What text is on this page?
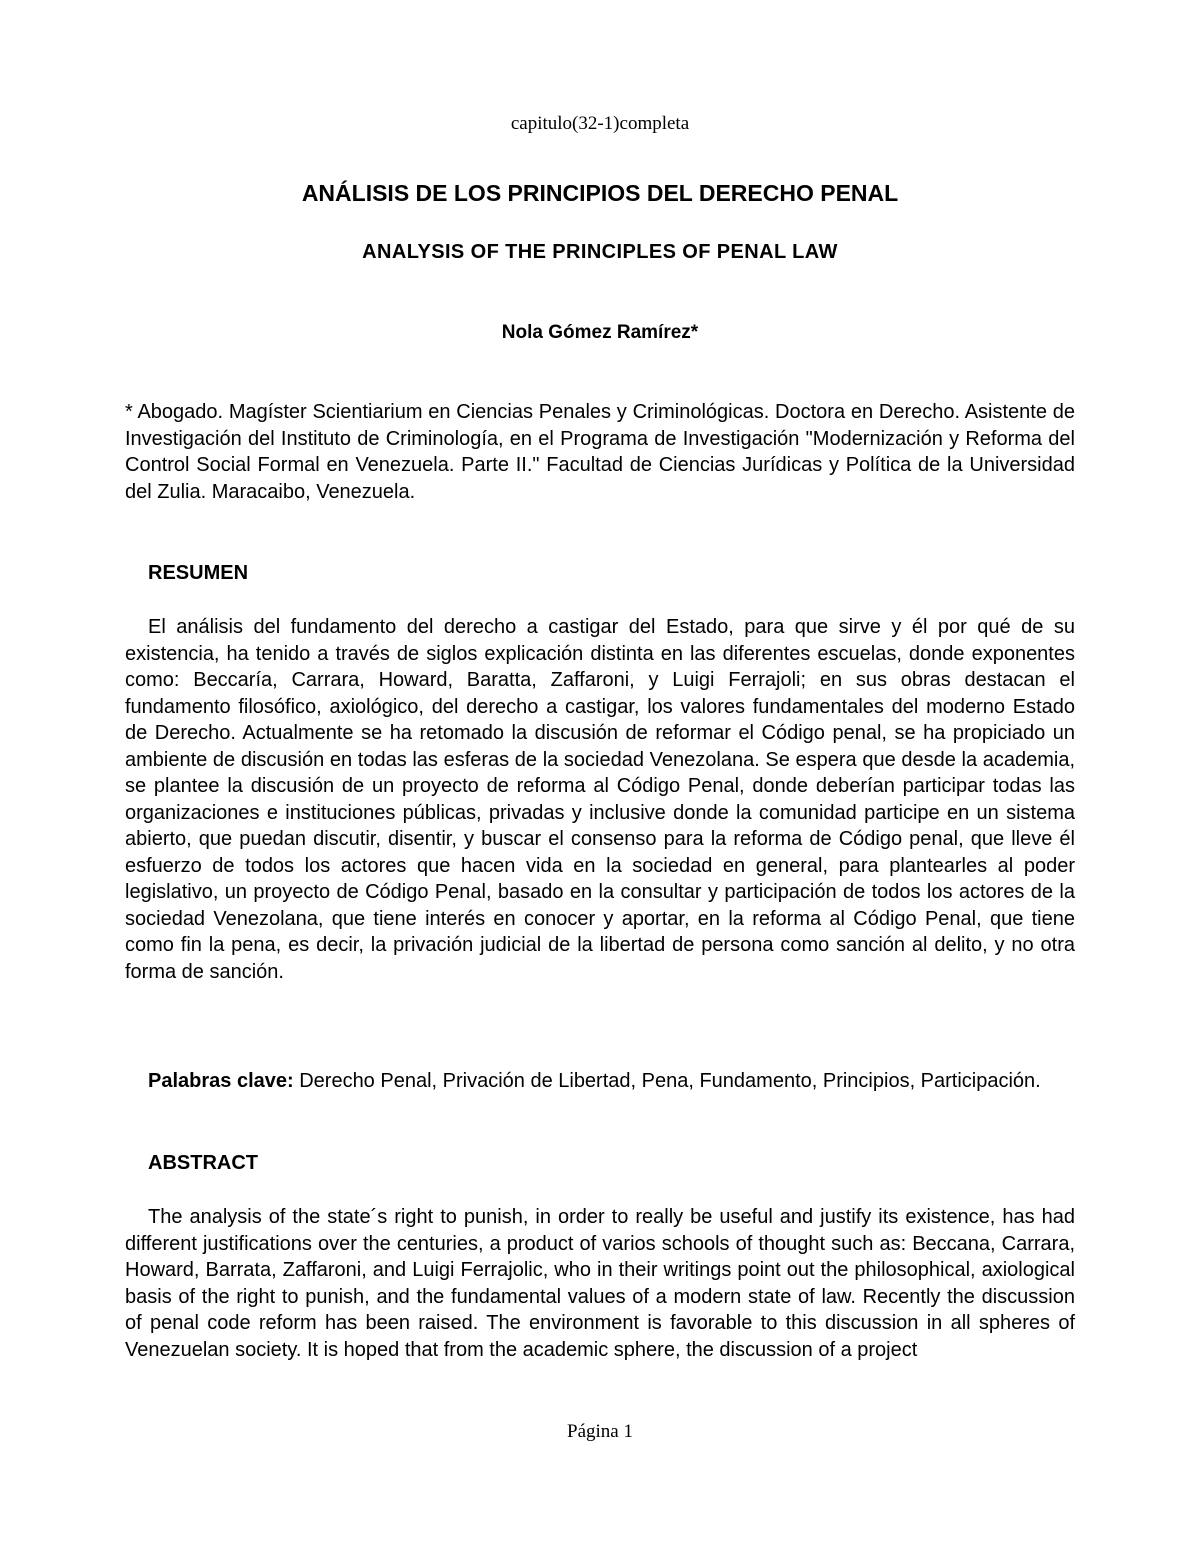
capitulo(32-1)completa
ANÁLISIS DE LOS PRINCIPIOS DEL DERECHO PENAL
ANALYSIS OF THE PRINCIPLES OF PENAL LAW
Nola Gómez Ramírez*

* Abogado. Magíster Scientiarium en Ciencias Penales y Criminológicas. Doctora en Derecho. Asistente de Investigación del Instituto de Criminología, en el Programa de Investigación "Modernización y Reforma del Control Social Formal en Venezuela. Parte II." Facultad de Ciencias Jurídicas y Política de la Universidad del Zulia. Maracaibo, Venezuela.

RESUMEN

El análisis del fundamento del derecho a castigar del Estado, para que sirve y él por qué de su existencia, ha tenido a través de siglos explicación distinta en las diferentes escuelas, donde exponentes como: Beccaría, Carrara, Howard, Baratta, Zaffaroni, y Luigi Ferrajoli; en sus obras destacan el fundamento filosófico, axiológico, del derecho a castigar, los valores fundamentales del moderno Estado de Derecho. Actualmente se ha retomado la discusión de reformar el Código penal, se ha propiciado un ambiente de discusión en todas las esferas de la sociedad Venezolana. Se espera que desde la academia, se plantee la discusión de un proyecto de reforma al Código Penal, donde deberían participar todas las organizaciones e instituciones públicas, privadas y inclusive donde la comunidad participe en un sistema abierto, que puedan discutir, disentir, y buscar el consenso para la reforma de Código penal, que lleve él esfuerzo de todos los actores que hacen vida en la sociedad en general, para plantearles al poder legislativo, un proyecto de Código Penal, basado en la consultar y participación de todos los actores de la sociedad Venezolana, que tiene interés en conocer y aportar, en la reforma al Código Penal, que tiene como fin la pena, es decir, la privación judicial de la libertad de persona como sanción al delito, y no otra forma de sanción.

Palabras clave: Derecho Penal, Privación de Libertad, Pena, Fundamento, Principios, Participación.

ABSTRACT

The analysis of the state´s right to punish, in order to really be useful and justify its existence, has had different justifications over the centuries, a product of varios schools of thought such as: Beccana, Carrara, Howard, Barrata, Zaffaroni, and Luigi Ferrajolic, who in their writings point out the philosophical, axiological basis of the right to punish, and the fundamental values of a modern state of law. Recently the discussion of penal code reform has been raised. The environment is favorable to this discussion in all spheres of Venezuelan society. It is hoped that from the academic sphere, the discussion of a project

Página 1
